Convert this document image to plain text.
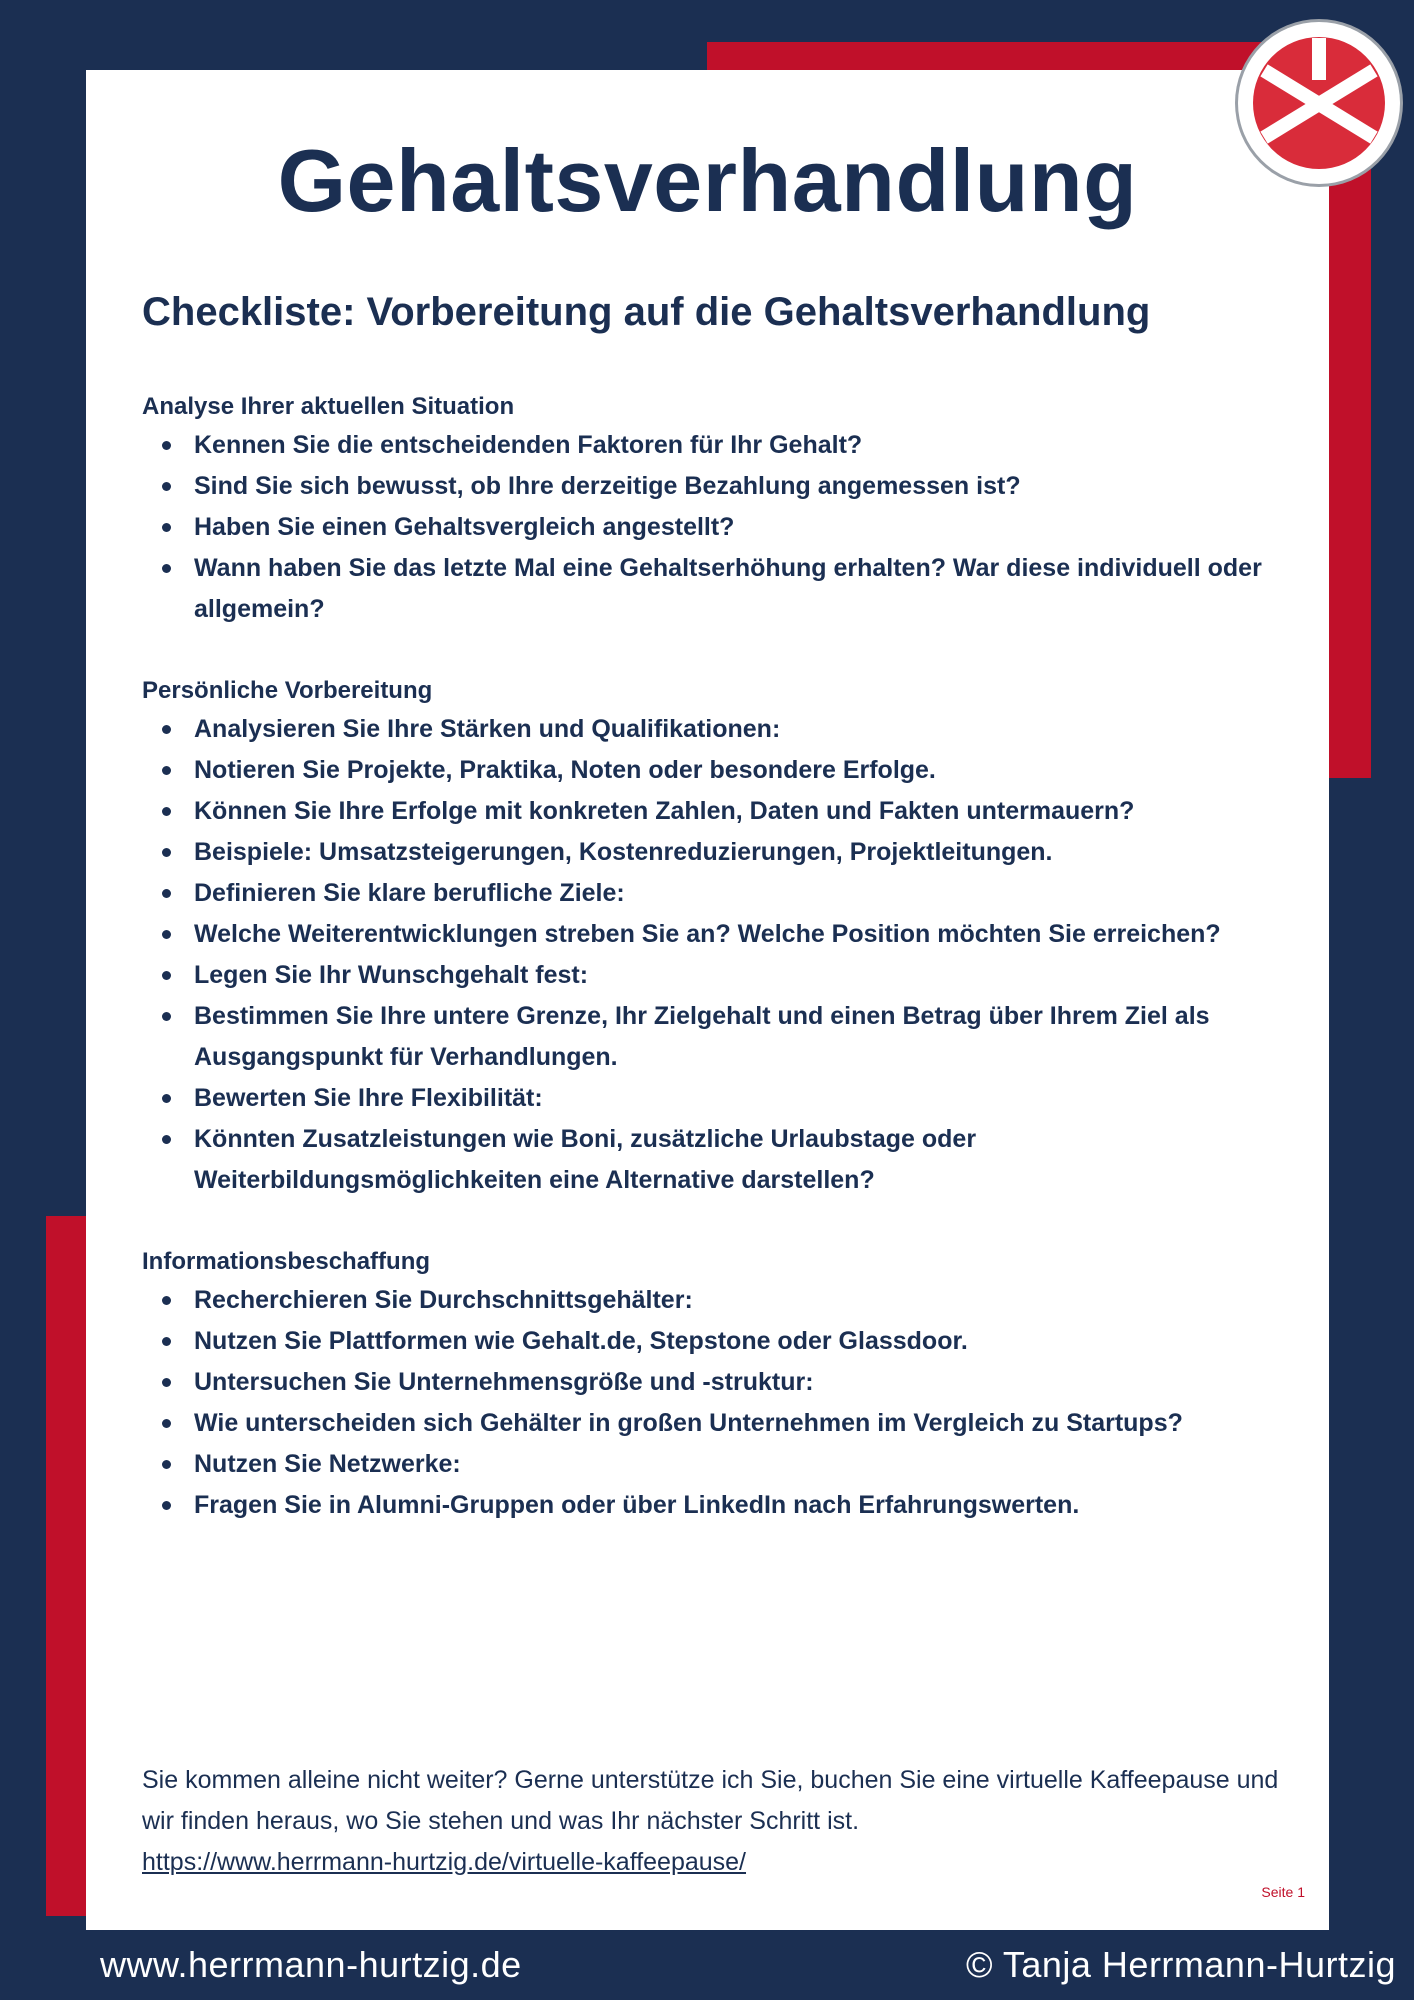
Gehaltsverhandlung
Checkliste: Vorbereitung auf die Gehaltsverhandlung
Analyse Ihrer aktuellen Situation
Kennen Sie die entscheidenden Faktoren für Ihr Gehalt?
Sind Sie sich bewusst, ob Ihre derzeitige Bezahlung angemessen ist?
Haben Sie einen Gehaltsvergleich angestellt?
Wann haben Sie das letzte Mal eine Gehaltserhöhung erhalten? War diese individuell oder allgemein?
Persönliche Vorbereitung
Analysieren Sie Ihre Stärken und Qualifikationen:
Notieren Sie Projekte, Praktika, Noten oder besondere Erfolge.
Können Sie Ihre Erfolge mit konkreten Zahlen, Daten und Fakten untermauern?
Beispiele: Umsatzsteigerungen, Kostenreduzierungen, Projektleitungen.
Definieren Sie klare berufliche Ziele:
Welche Weiterentwicklungen streben Sie an? Welche Position möchten Sie erreichen?
Legen Sie Ihr Wunschgehalt fest:
Bestimmen Sie Ihre untere Grenze, Ihr Zielgehalt und einen Betrag über Ihrem Ziel als Ausgangspunkt für Verhandlungen.
Bewerten Sie Ihre Flexibilität:
Könnten Zusatzleistungen wie Boni, zusätzliche Urlaubstage oder Weiterbildungsmöglichkeiten eine Alternative darstellen?
Informationsbeschaffung
Recherchieren Sie Durchschnittsgehälter:
Nutzen Sie Plattformen wie Gehalt.de, Stepstone oder Glassdoor.
Untersuchen Sie Unternehmensgröße und -struktur:
Wie unterscheiden sich Gehälter in großen Unternehmen im Vergleich zu Startups?
Nutzen Sie Netzwerke:
Fragen Sie in Alumni-Gruppen oder über LinkedIn nach Erfahrungswerten.

Sie kommen alleine nicht weiter? Gerne unterstütze ich Sie, buchen Sie eine virtuelle Kaffeepause und wir finden heraus, wo Sie stehen und was Ihr nächster Schritt ist.

https://www.herrmann-hurtzig.de/virtuelle-kaffeepause/
Seite 1
www.herrmann-hurtzig.de	© Tanja Herrmann-Hurtzig
